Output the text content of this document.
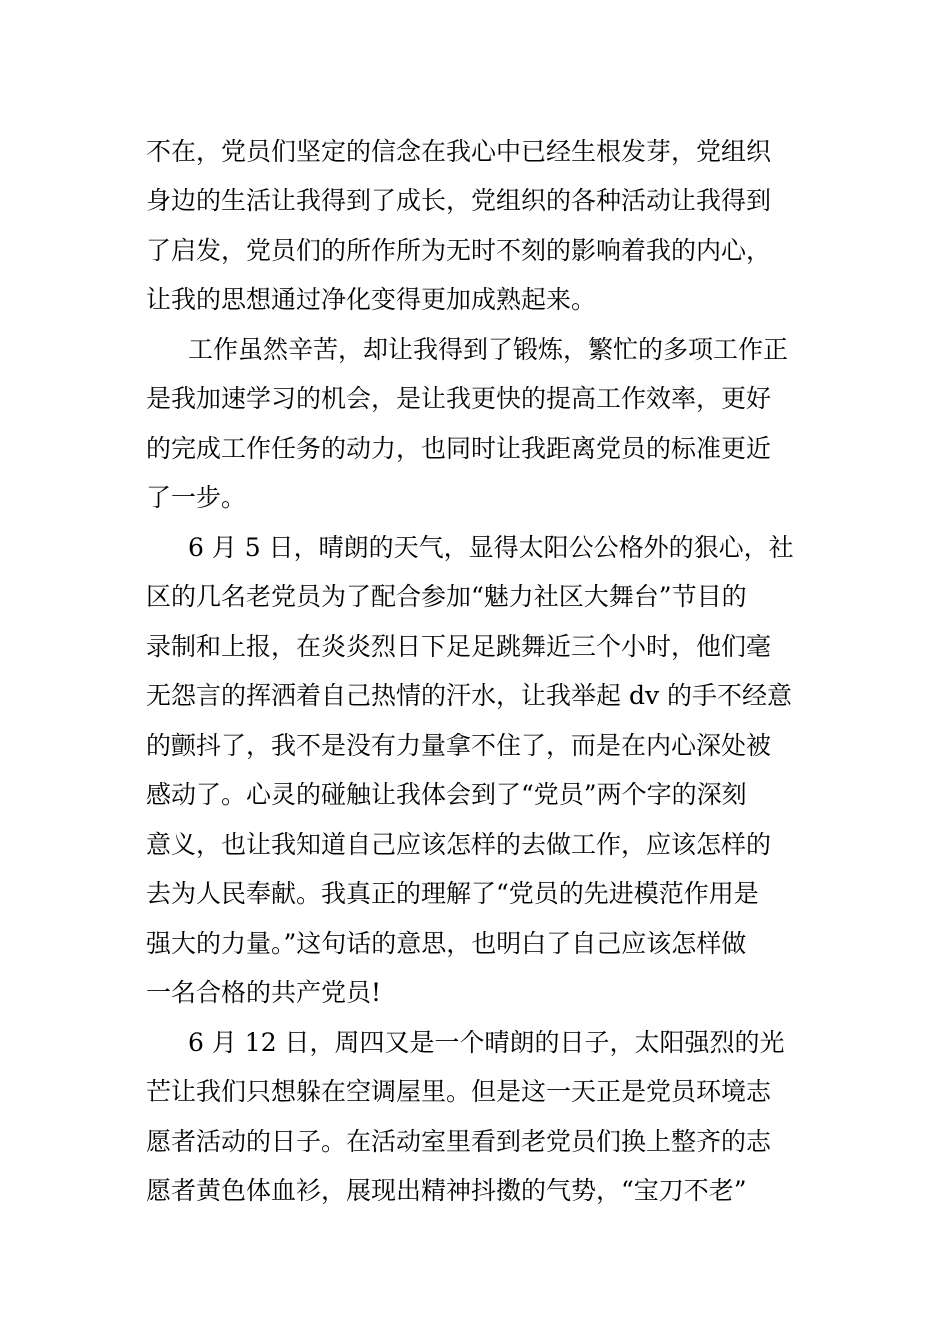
不在，党员们坚定的信念在我心中已经生根发芽，党组织
身边的生活让我得到了成长，党组织的各种活动让我得到
了启发，党员们的所作所为无时不刻的影响着我的内心，
让我的思想通过净化变得更加成熟起来。
工作虽然辛苦，却让我得到了锻炼，繁忙的多项工作正
是我加速学习的机会，是让我更快的提高工作效率，更好
的完成工作任务的动力，也同时让我距离党员的标准更近
了一步。
6 月 5 日，晴朗的天气，显得太阳公公格外的狠心，社
区的几名老党员为了配合参加“魅力社区大舞台”节目的
录制和上报，在炎炎烈日下足足跳舞近三个小时，他们毫
无怨言的挥洒着自己热情的汗水，让我举起 dv 的手不经意
的颤抖了，我不是没有力量拿不住了，而是在内心深处被
感动了。心灵的碰触让我体会到了“党员”两个字的深刻
意义，也让我知道自己应该怎样的去做工作，应该怎样的
去为人民奉献。我真正的理解了“党员的先进模范作用是
强大的力量。”这句话的意思，也明白了自己应该怎样做
一名合格的共产党员!
6 月 12 日，周四又是一个晴朗的日子，太阳强烈的光
芒让我们只想躲在空调屋里。但是这一天正是党员环境志
愿者活动的日子。在活动室里看到老党员们换上整齐的志
愿者黄色体血衫，展现出精神抖擞的气势，“宝刀不老”
